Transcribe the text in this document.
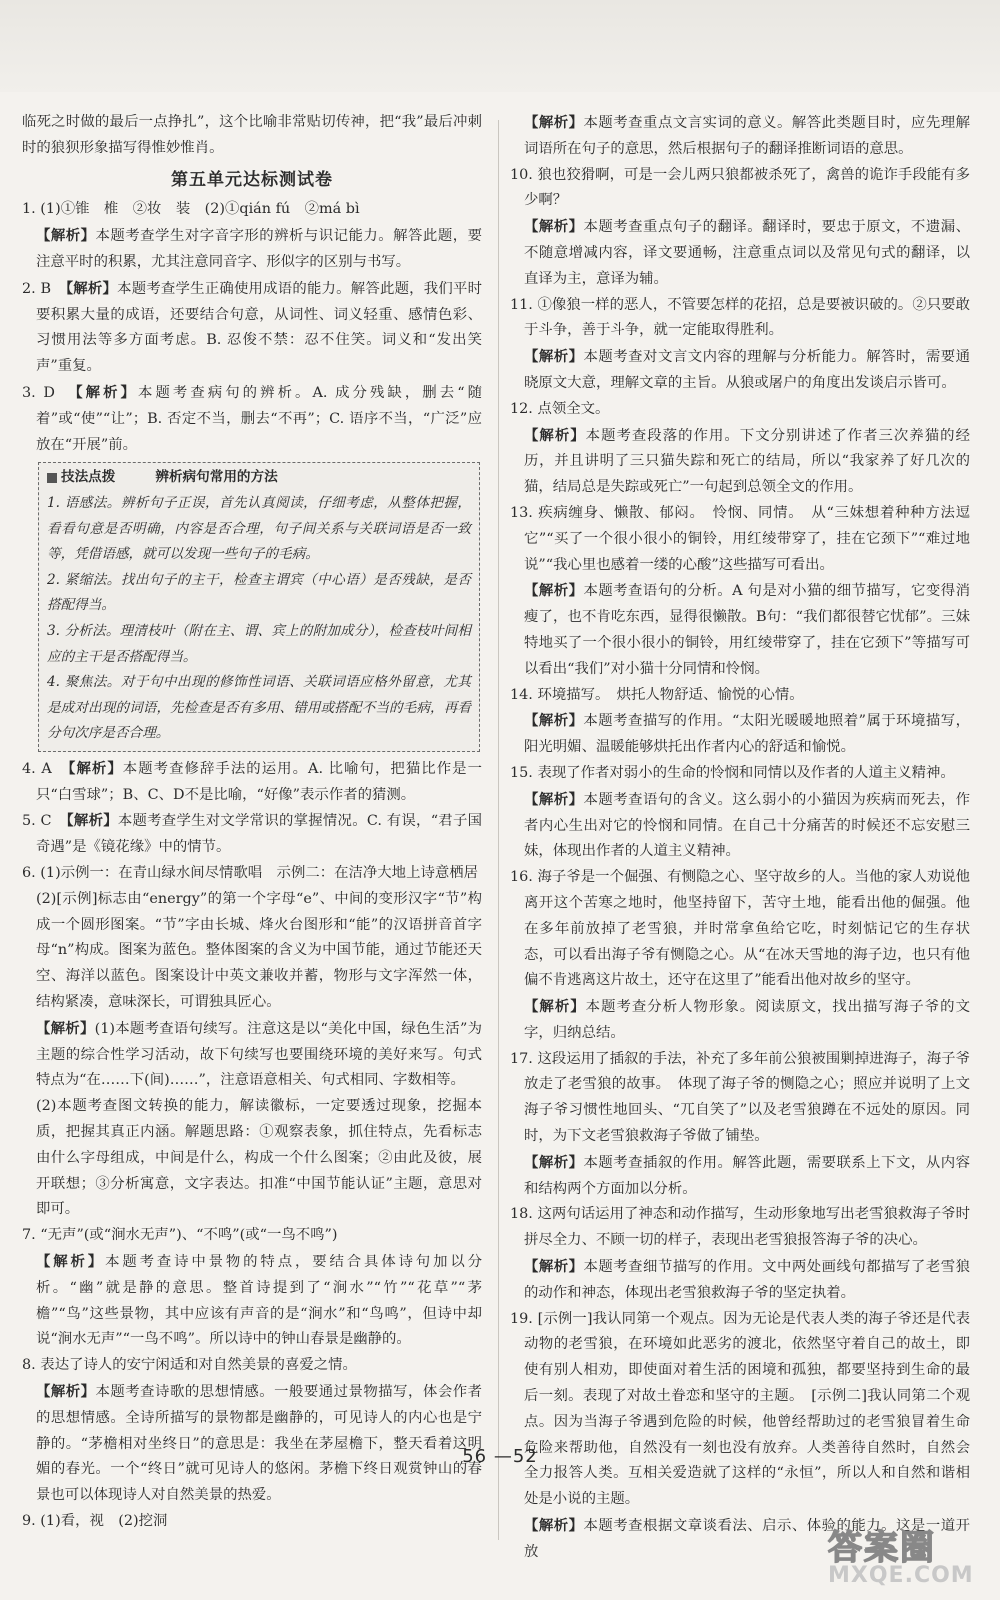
临死之时做的最后一点挣扎”，这个比喻非常贴切传神，把“我”最后冲刺时的狼狈形象描写得惟妙惟肖。

第五单元达标测试卷

1. (1)①锥　椎　②妆　装　(2)①qián fú　②má bì

【解析】本题考查学生对字音字形的辨析与识记能力。解答此题，要注意平时的积累，尤其注意同音字、形似字的区别与书写。

2. B　【解析】本题考查学生正确使用成语的能力。解答此题，我们平时要积累大量的成语，还要结合句意，从词性、词义轻重、感情色彩、习惯用法等多方面考虑。B. 忍俊不禁：忍不住笑。词义和“发出笑声”重复。

3. D　【解析】本题考查病句的辨析。A. 成分残缺，删去“随着”或“使”“让”；B. 否定不当，删去“不再”；C. 语序不当，“广泛”应放在“开展”前。

技法点拨	辨析病句常用的方法
1. 语感法。辨析句子正误，首先认真阅读，仔细考虑，从整体把握，看看句意是否明确，内容是否合理，句子间关系与关联词语是否一致等，凭借语感，就可以发现一些句子的毛病。
2. 紧缩法。找出句子的主干，检查主谓宾（中心语）是否残缺，是否搭配得当。
3. 分析法。理清枝叶（附在主、谓、宾上的附加成分），检查枝叶间相应的主干是否搭配得当。
4. 聚焦法。对于句中出现的修饰性词语、关联词语应格外留意，尤其是成对出现的词语，先检查是否有多用、错用或搭配不当的毛病，再看分句次序是否合理。

4. A　【解析】本题考查修辞手法的运用。A. 比喻句，把猫比作是一只“白雪球”；B、C、D不是比喻，“好像”表示作者的猜测。

5. C　【解析】本题考查学生对文学常识的掌握情况。C. 有误，“君子国奇遇”是《镜花缘》中的情节。

6. (1)示例一：在青山绿水间尽情歌唱　示例二：在洁净大地上诗意栖居

(2)[示例]标志由“energy”的第一个字母“e”、中间的变形汉字“节”构成一个圆形图案。“节”字由长城、烽火台图形和“能”的汉语拼音首字母“n”构成。图案为蓝色。整体图案的含义为中国节能，通过节能还天空、海洋以蓝色。图案设计中英文兼收并蓄，物形与文字浑然一体，结构紧凑，意味深长，可谓独具匠心。

【解析】(1)本题考查语句续写。注意这是以“美化中国，绿色生活”为主题的综合性学习活动，故下句续写也要围绕环境的美好来写。句式特点为“在……下(间)……”，注意语意相关、句式相同、字数相等。

(2)本题考查图文转换的能力，解读徽标，一定要透过现象，挖掘本质，把握其真正内涵。解题思路：①观察表象，抓住特点，先看标志由什么字母组成，中间是什么，构成一个什么图案；②由此及彼，展开联想；③分析寓意，文字表达。扣准“中国节能认证”主题，意思对即可。

7. “无声”(或“涧水无声”)、“不鸣”(或“一鸟不鸣”)

【解析】本题考查诗中景物的特点，要结合具体诗句加以分析。“幽”就是静的意思。整首诗提到了“涧水”“竹”“花草”“茅檐”“鸟”这些景物，其中应该有声音的是“涧水”和“鸟鸣”，但诗中却说“涧水无声”“一鸟不鸣”。所以诗中的钟山春景是幽静的。

8. 表达了诗人的安宁闲适和对自然美景的喜爱之情。

【解析】本题考查诗歌的思想情感。一般要通过景物描写，体会作者的思想情感。全诗所描写的景物都是幽静的，可见诗人的内心也是宁静的。“茅檐相对坐终日”的意思是：我坐在茅屋檐下，整天看着这明媚的春光。一个“终日”就可见诗人的悠闲。茅檐下终日观赏钟山的春景也可以体现诗人对自然美景的热爱。

9. (1)看，视　(2)挖洞

【解析】本题考查重点文言实词的意义。解答此类题目时，应先理解词语所在句子的意思，然后根据句子的翻译推断词语的意思。

10. 狼也狡猾啊，可是一会儿两只狼都被杀死了，禽兽的诡诈手段能有多少啊？

【解析】本题考查重点句子的翻译。翻译时，要忠于原文，不遗漏、不随意增减内容，译文要通畅，注意重点词以及常见句式的翻译，以直译为主，意译为辅。

11. ①像狼一样的恶人，不管要怎样的花招，总是要被识破的。②只要敢于斗争，善于斗争，就一定能取得胜利。

【解析】本题考查对文言文内容的理解与分析能力。解答时，需要通晓原文大意，理解文章的主旨。从狼或屠户的角度出发谈启示皆可。

12. 点领全文。

【解析】本题考查段落的作用。下文分别讲述了作者三次养猫的经历，并且讲明了三只猫失踪和死亡的结局，所以“我家养了好几次的猫，结局总是失踪或死亡”一句起到总领全文的作用。

13. 疾病缠身、懒散、郁闷。　怜悯、同情。　从“三妹想着种种方法逗它”“买了一个很小很小的铜铃，用红绫带穿了，挂在它颈下”“难过地说”“我心里也感着一缕的心酸”这些描写可看出。

【解析】本题考查语句的分析。A 句是对小猫的细节描写，它变得消瘦了，也不肯吃东西，显得很懒散。B句：“我们都很替它忧郁”。三妹特地买了一个很小很小的铜铃，用红绫带穿了，挂在它颈下”等描写可以看出“我们”对小猫十分同情和怜悯。

14. 环境描写。　烘托人物舒适、愉悦的心情。

【解析】本题考查描写的作用。“太阳光暖暖地照着”属于环境描写，阳光明媚、温暖能够烘托出作者内心的舒适和愉悦。

15. 表现了作者对弱小的生命的怜悯和同情以及作者的人道主义精神。

【解析】本题考查语句的含义。这么弱小的小猫因为疾病而死去，作者内心生出对它的怜悯和同情。在自己十分痛苦的时候还不忘安慰三妹，体现出作者的人道主义精神。

16. 海子爷是一个倔强、有恻隐之心、坚守故乡的人。当他的家人劝说他离开这个苦寒之地时，他坚持留下，苦守土地，能看出他的倔强。他在多年前放掉了老雪狼，并时常拿鱼给它吃，时刻惦记它的生存状态，可以看出海子爷有恻隐之心。从“在冰天雪地的海子边，也只有他偏不肯逃离这片故土，还守在这里了”能看出他对故乡的坚守。

【解析】本题考查分析人物形象。阅读原文，找出描写海子爷的文字，归纳总结。

17. 这段运用了插叙的手法，补充了多年前公狼被围剿掉进海子，海子爷放走了老雪狼的故事。　体现了海子爷的恻隐之心；照应并说明了上文海子爷习惯性地回头、“兀自笑了”以及老雪狼蹲在不远处的原因。同时，为下文老雪狼救海子爷做了铺垫。

【解析】本题考查插叙的作用。解答此题，需要联系上下文，从内容和结构两个方面加以分析。

18. 这两句话运用了神态和动作描写，生动形象地写出老雪狼救海子爷时拼尽全力、不顾一切的样子，表现出老雪狼报答海子爷的决心。

【解析】本题考查细节描写的作用。文中两处画线句都描写了老雪狼的动作和神态，体现出老雪狼救海子爷的坚定执着。

19. [示例一]我认同第一个观点。因为无论是代表人类的海子爷还是代表动物的老雪狼，在环境如此恶劣的渡北，依然坚守着自己的故土，即使有别人相劝，即使面对着生活的困境和孤独，都要坚持到生命的最后一刻。表现了对故土眷恋和坚守的主题。　[示例二]我认同第二个观点。因为当海子爷遇到危险的时候，他曾经帮助过的老雪狼冒着生命危险来帮助他，自然没有一刻也没有放弃。人类善待自然时，自然会全力报答人类。互相关爱造就了这样的“永恒”，所以人和自然和谐相处是小说的主题。

【解析】本题考查根据文章谈看法、启示、体验的能力。这是一道开放

56 —52
答案圈
MXQE.COM
